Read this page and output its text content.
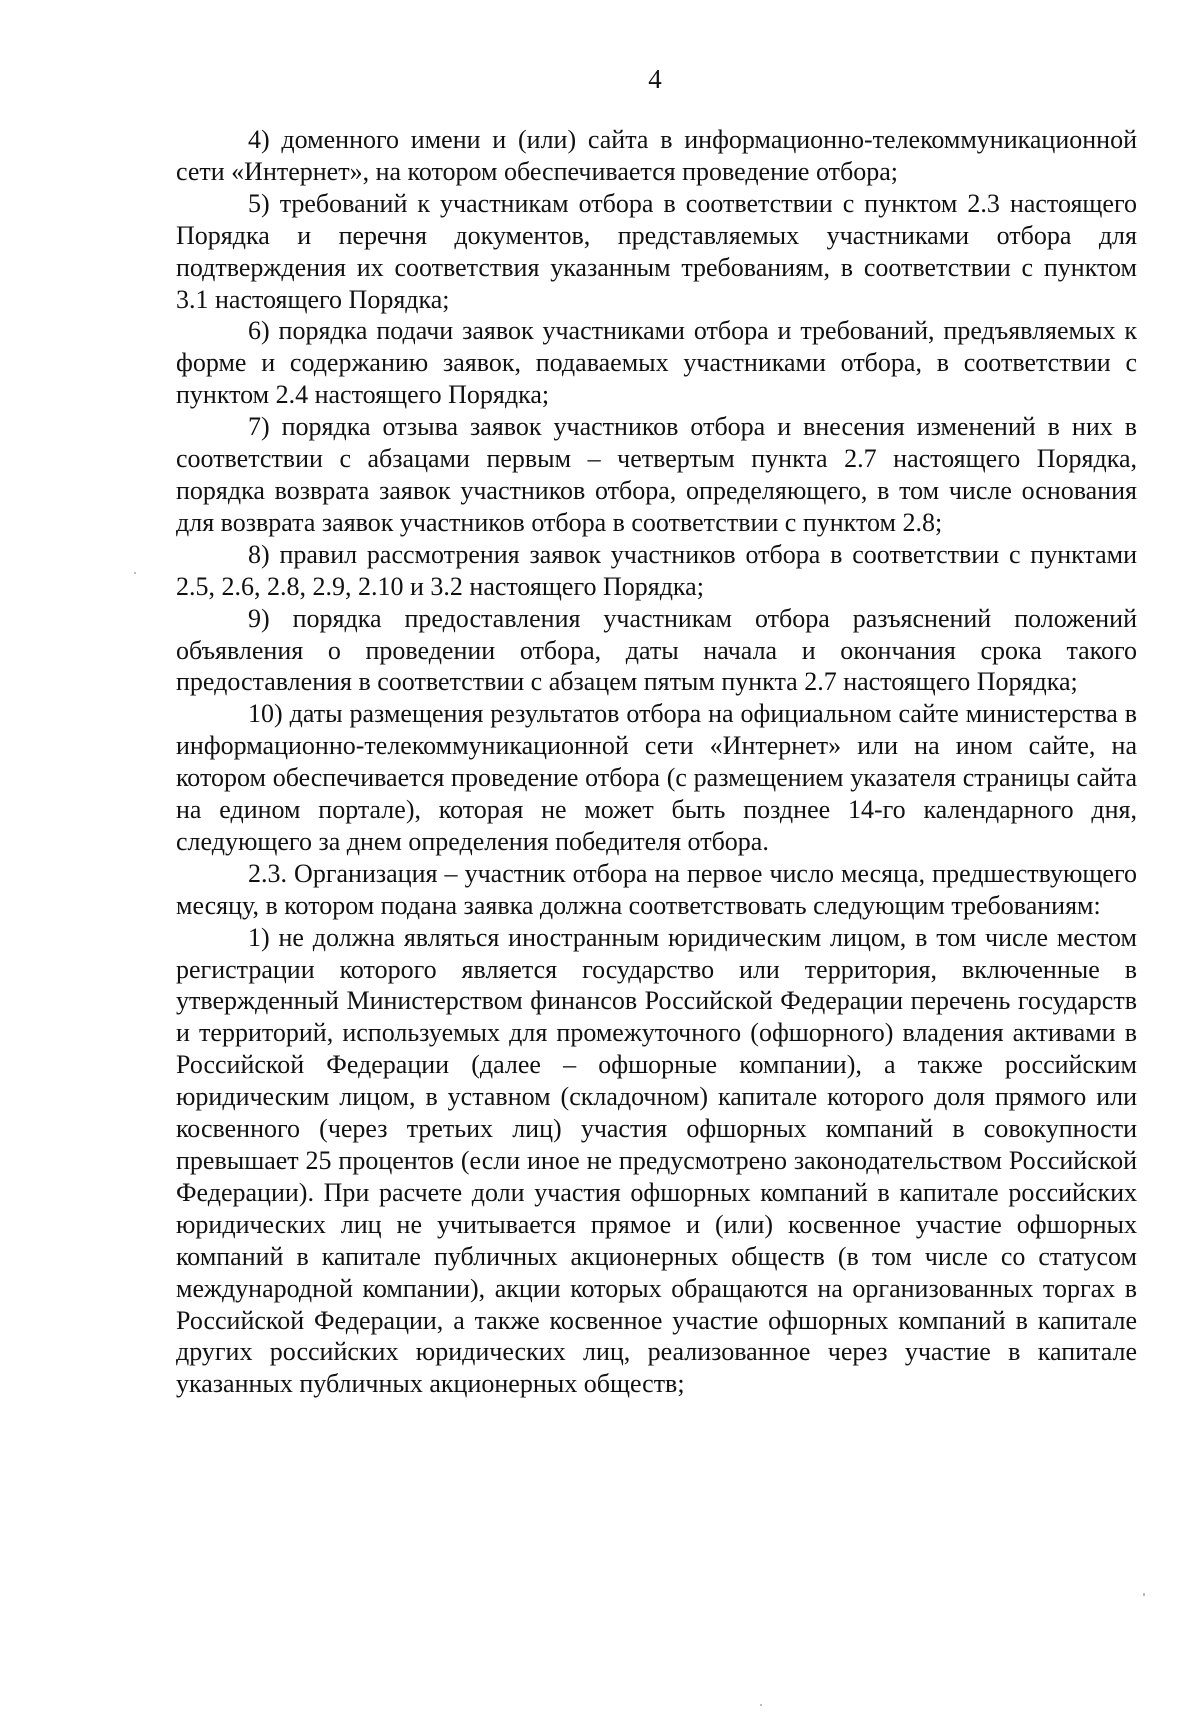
4

4) доменного имени и (или) сайта в информационно-телекоммуникационной сети «Интернет», на котором обеспечивается проведение отбора;

5) требований к участникам отбора в соответствии с пунктом 2.3 настоящего Порядка и перечня документов, представляемых участниками отбора для подтверждения их соответствия указанным требованиям, в соответствии с пунктом 3.1 настоящего Порядка;

6) порядка подачи заявок участниками отбора и требований, предъявляемых к форме и содержанию заявок, подаваемых участниками отбора, в соответствии с пунктом 2.4 настоящего Порядка;

7) порядка отзыва заявок участников отбора и внесения изменений в них в соответствии с абзацами первым – четвертым пункта 2.7 настоящего Порядка, порядка возврата заявок участников отбора, определяющего, в том числе основания для возврата заявок участников отбора в соответствии с пунктом 2.8;

8) правил рассмотрения заявок участников отбора в соответствии с пунктами 2.5, 2.6, 2.8, 2.9, 2.10 и 3.2 настоящего Порядка;

9) порядка предоставления участникам отбора разъяснений положений объявления о проведении отбора, даты начала и окончания срока такого предоставления в соответствии с абзацем пятым пункта 2.7 настоящего Порядка;

10) даты размещения результатов отбора на официальном сайте министерства в информационно-телекоммуникационной сети «Интернет» или на ином сайте, на котором обеспечивается проведение отбора (с размещением указателя страницы сайта на едином портале), которая не может быть позднее 14-го календарного дня, следующего за днем определения победителя отбора.

2.3. Организация – участник отбора на первое число месяца, предшествующего месяцу, в котором подана заявка должна соответствовать следующим требованиям:

1) не должна являться иностранным юридическим лицом, в том числе местом регистрации которого является государство или территория, включенные в утвержденный Министерством финансов Российской Федерации перечень государств и территорий, используемых для промежуточного (офшорного) владения активами в Российской Федерации (далее – офшорные компании), а также российским юридическим лицом, в уставном (складочном) капитале которого доля прямого или косвенного (через третьих лиц) участия офшорных компаний в совокупности превышает 25 процентов (если иное не предусмотрено законодательством Российской Федерации). При расчете доли участия офшорных компаний в капитале российских юридических лиц не учитывается прямое и (или) косвенное участие офшорных компаний в капитале публичных акционерных обществ (в том числе со статусом международной компании), акции которых обращаются на организованных торгах в Российской Федерации, а также косвенное участие офшорных компаний в капитале других российских юридических лиц, реализованное через участие в капитале указанных публичных акционерных обществ;
